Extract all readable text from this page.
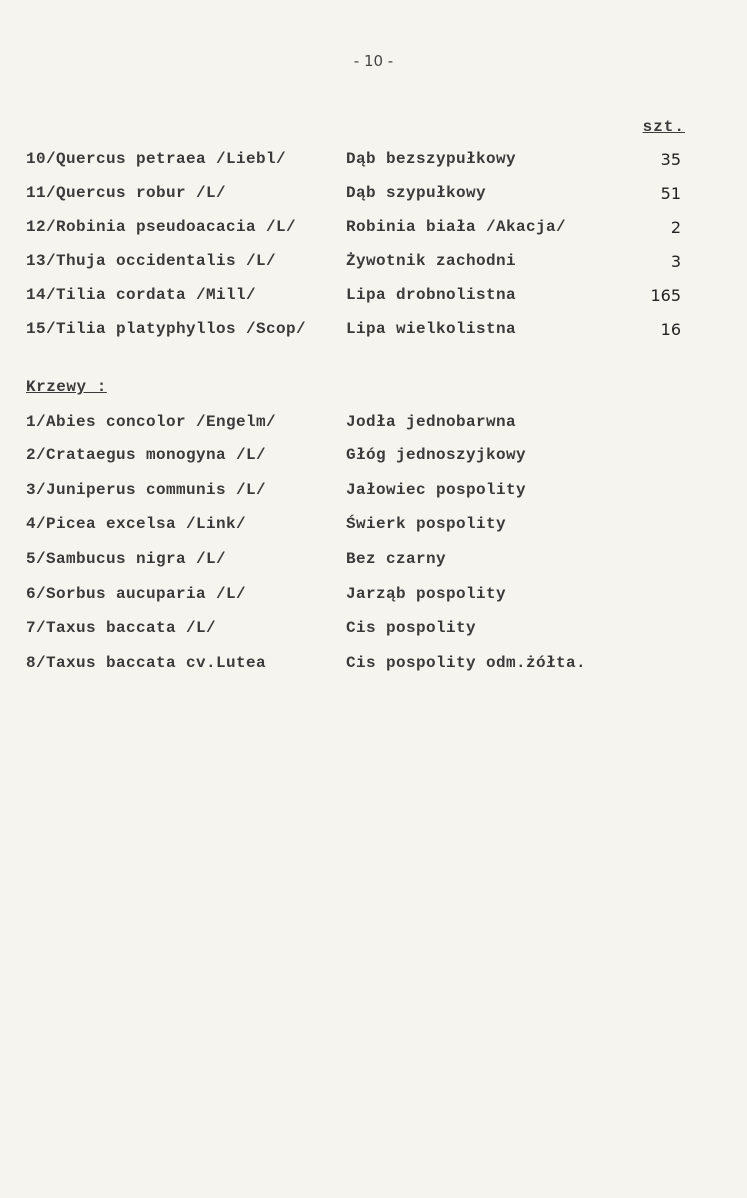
- 10 -
szt.
10/Quercus petraea /Liebl/	Dąb bezszypułkowy	35
11/Quercus robur /L/	Dąb szypułkowy	51
12/Robinia pseudoacacia /L/	Robinia biała /Akacja/	2
13/Thuja occidentalis /L/	Żywotnik zachodni	3
14/Tilia cordata /Mill/	Lipa drobnolistna	165
15/Tilia platyphyllos /Scop/ Lipa wielkolistna	16
Krzewy :
1/Abies concolor /Engelm/	Jodła jednobarwna
2/Crataegus monogyna /L/	Głóg jednoszyjkowy
3/Juniperus communis /L/	Jałowiec pospolity
4/Picea excelsa /Link/	Świerk pospolity
5/Sambucus nigra /L/	Bez czarny
6/Sorbus aucuparia /L/	Jarząb pospolity
7/Taxus baccata /L/	Cis pospolity
8/Taxus baccata cv.Lutea	Cis pospolity odm.żółta.
